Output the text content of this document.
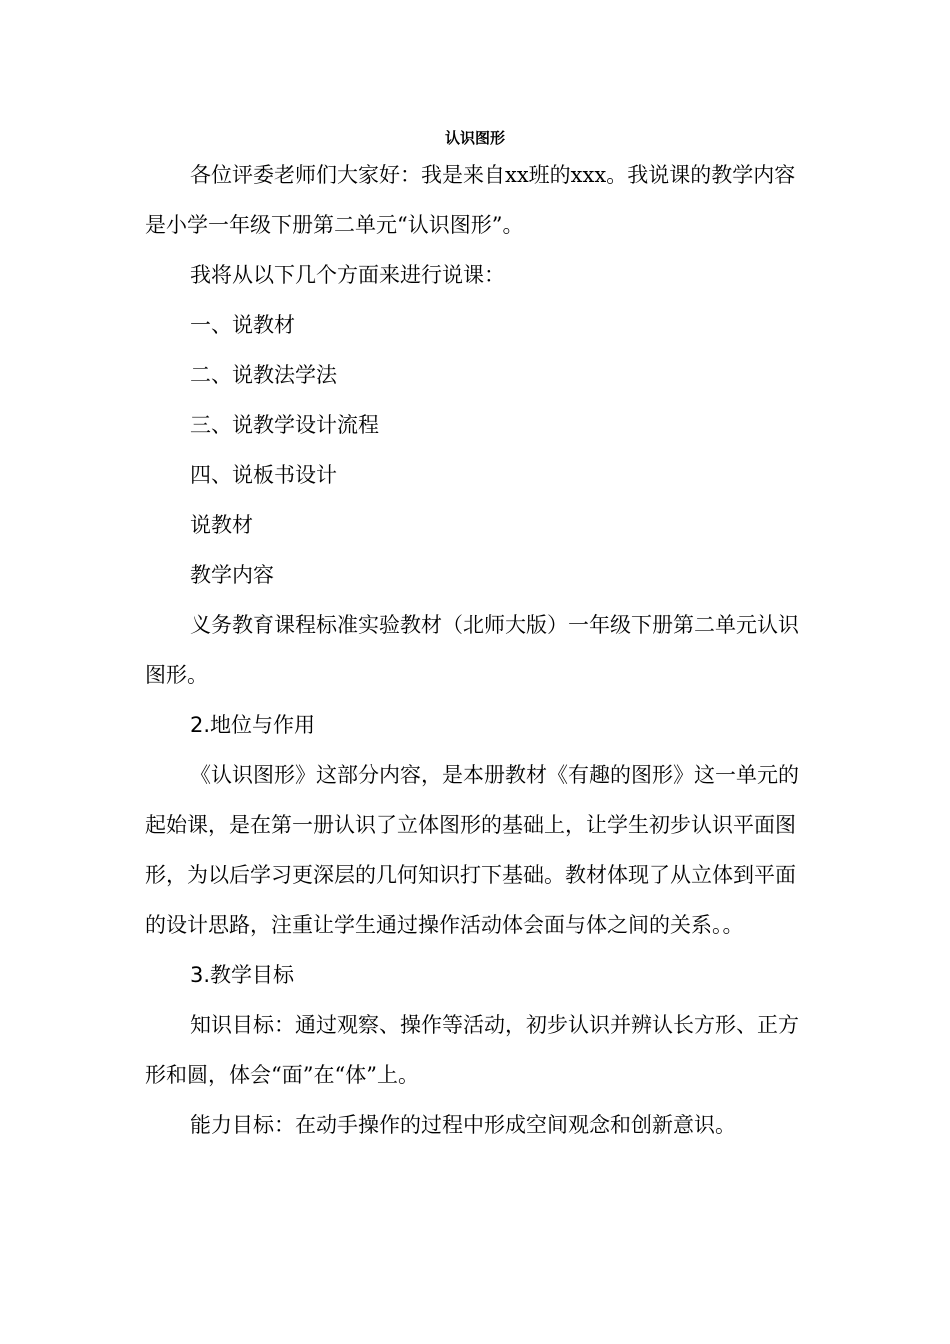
认识图形

各位评委老师们大家好：我是来自xx班的xxx。我说课的教学内容是小学一年级下册第二单元“认识图形”。

我将从以下几个方面来进行说课：

一、说教材

二、说教法学法

三、说教学设计流程

四、说板书设计

说教材

教学内容

义务教育课程标准实验教材（北师大版）一年级下册第二单元认识图形。

2.地位与作用

《认识图形》这部分内容，是本册教材《有趣的图形》这一单元的起始课，是在第一册认识了立体图形的基础上，让学生初步认识平面图形，为以后学习更深层的几何知识打下基础。教材体现了从立体到平面的设计思路，注重让学生通过操作活动体会面与体之间的关系。。

3.教学目标

知识目标：通过观察、操作等活动，初步认识并辨认长方形、正方形和圆，体会“面”在“体”上。

能力目标：在动手操作的过程中形成空间观念和创新意识。
